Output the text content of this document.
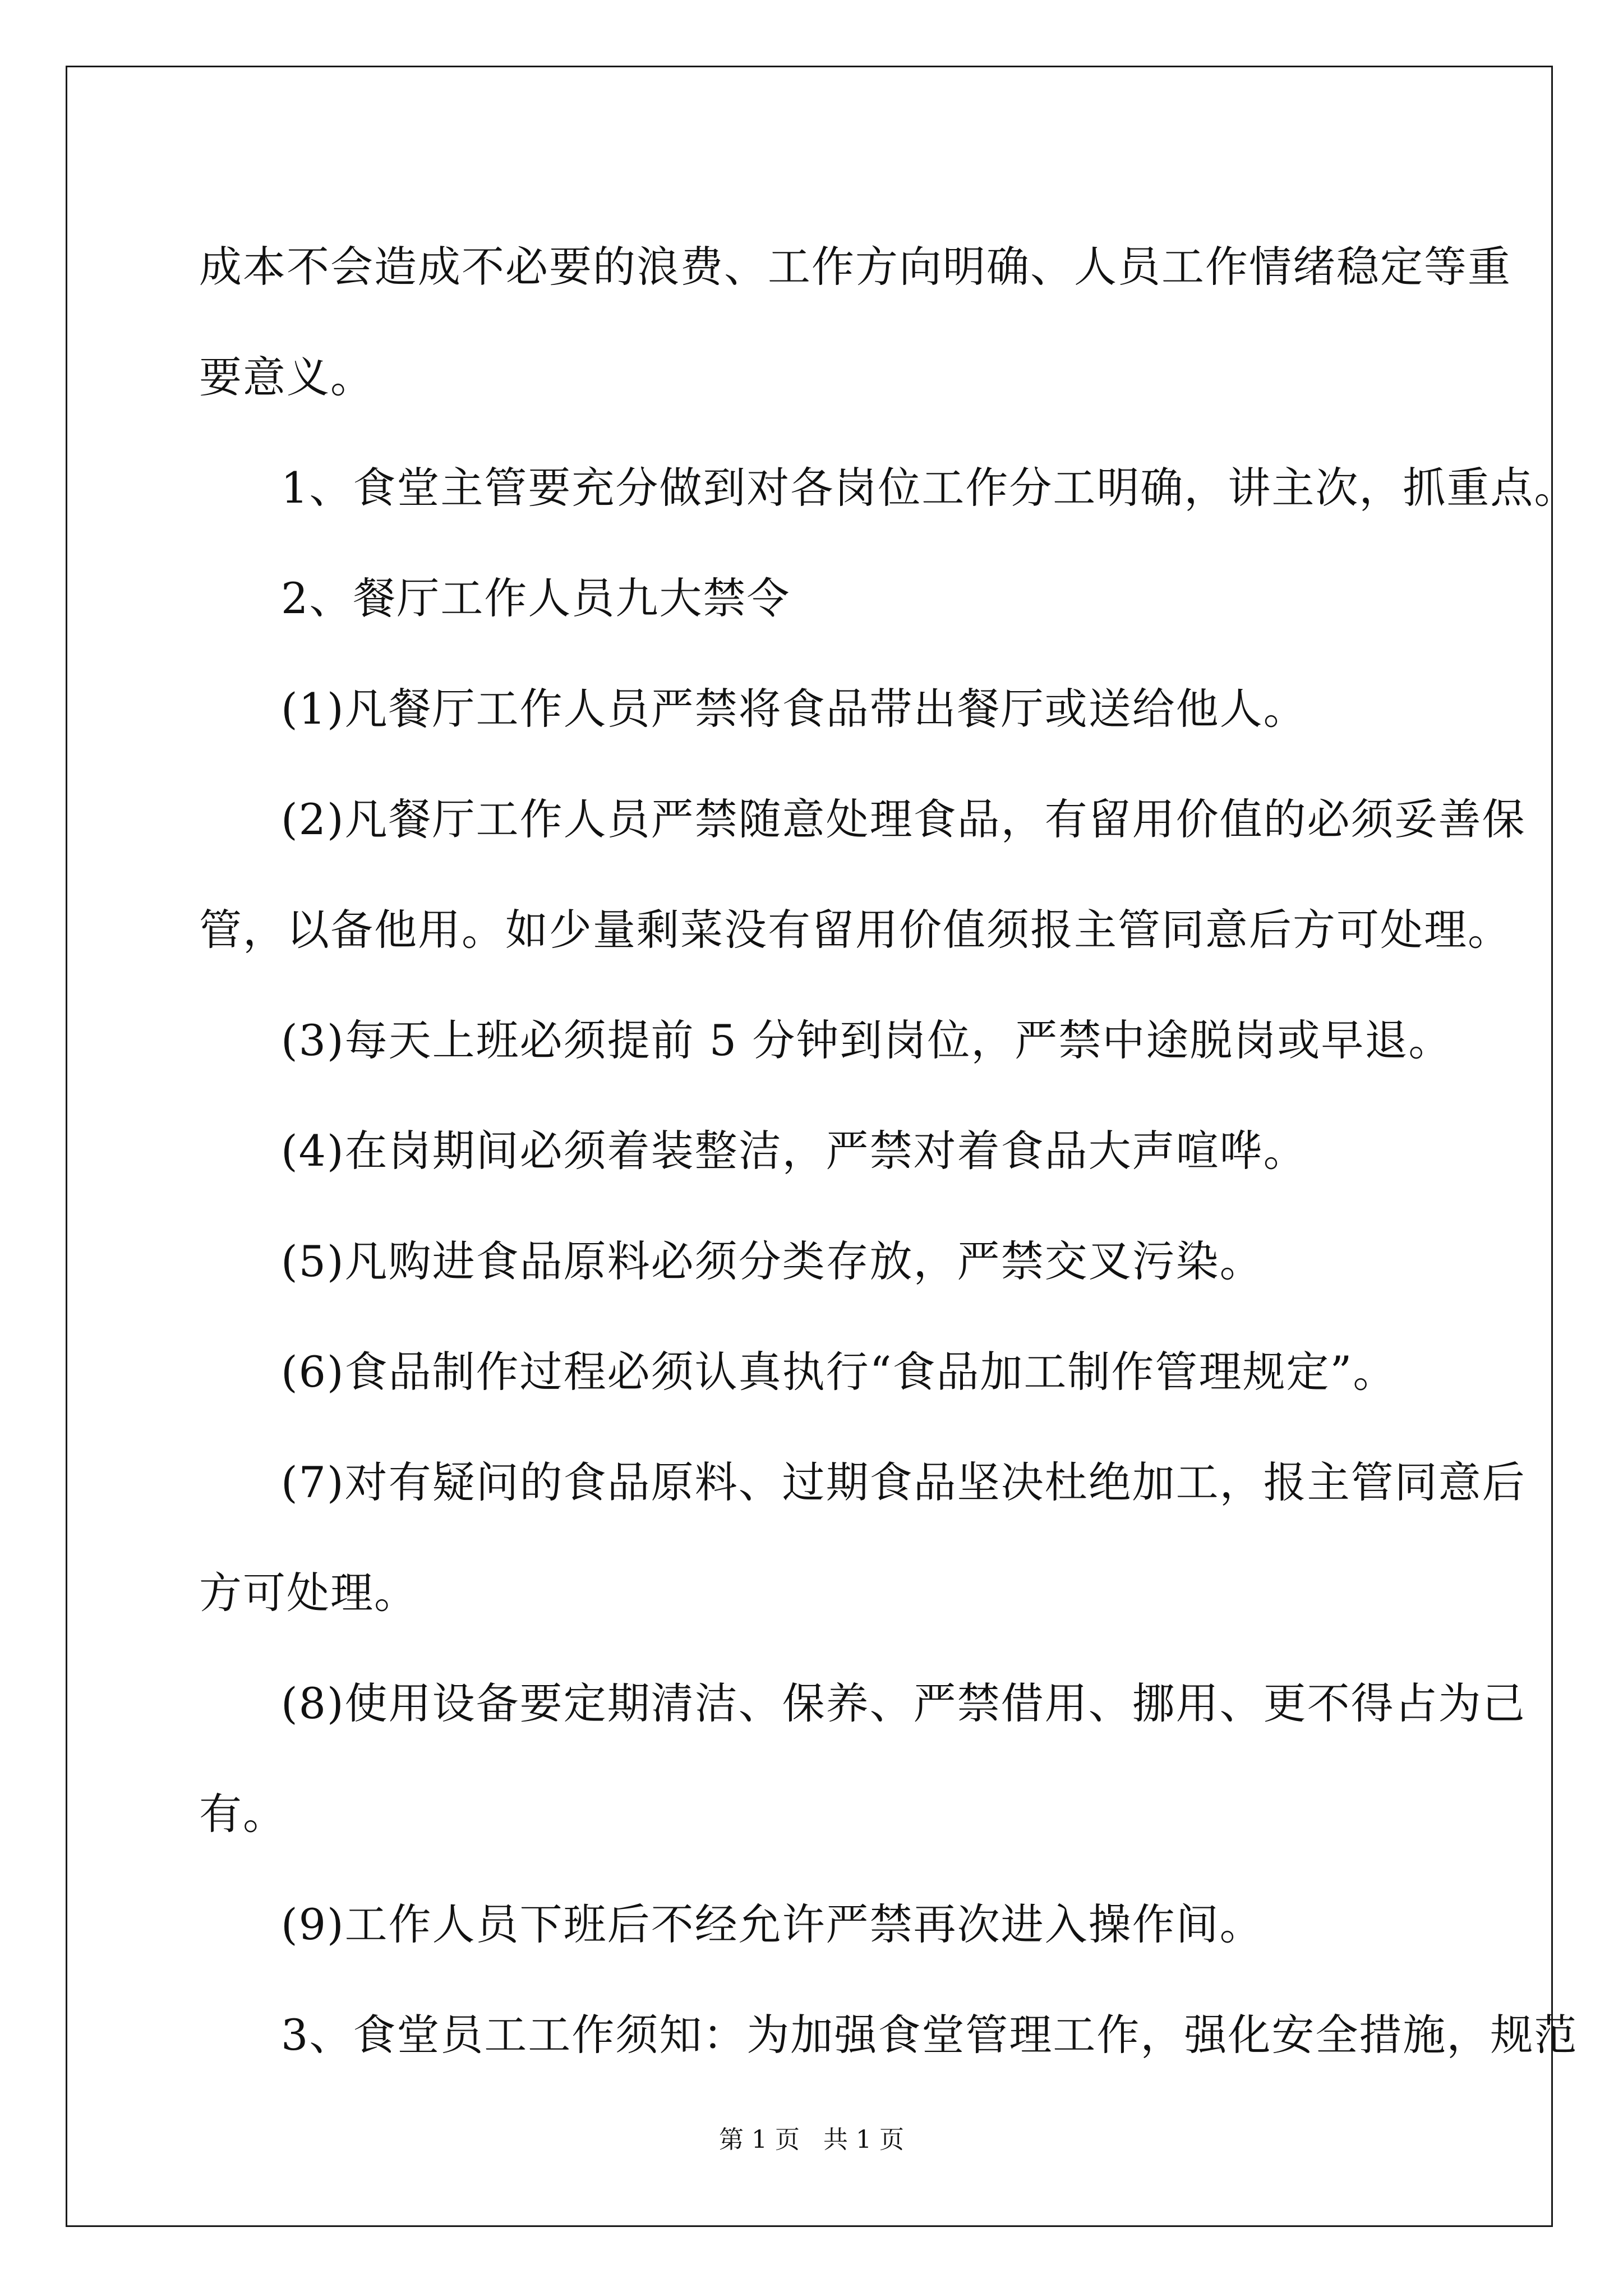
成本不会造成不必要的浪费、工作方向明确、人员工作情绪稳定等重
要意义。
1、食堂主管要充分做到对各岗位工作分工明确，讲主次，抓重点。
2、餐厅工作人员九大禁令
(1)凡餐厅工作人员严禁将食品带出餐厅或送给他人。
(2)凡餐厅工作人员严禁随意处理食品，有留用价值的必须妥善保
管，以备他用。如少量剩菜没有留用价值须报主管同意后方可处理。
(3)每天上班必须提前 5 分钟到岗位，严禁中途脱岗或早退。
(4)在岗期间必须着装整洁，严禁对着食品大声喧哗。
(5)凡购进食品原料必须分类存放，严禁交叉污染。
(6)食品制作过程必须认真执行“食品加工制作管理规定”。
(7)对有疑问的食品原料、过期食品坚决杜绝加工，报主管同意后
方可处理。
(8)使用设备要定期清洁、保养、严禁借用、挪用、更不得占为己
有。
(9)工作人员下班后不经允许严禁再次进入操作间。
3、食堂员工工作须知：为加强食堂管理工作，强化安全措施，规范
第 1 页   共 1 页
